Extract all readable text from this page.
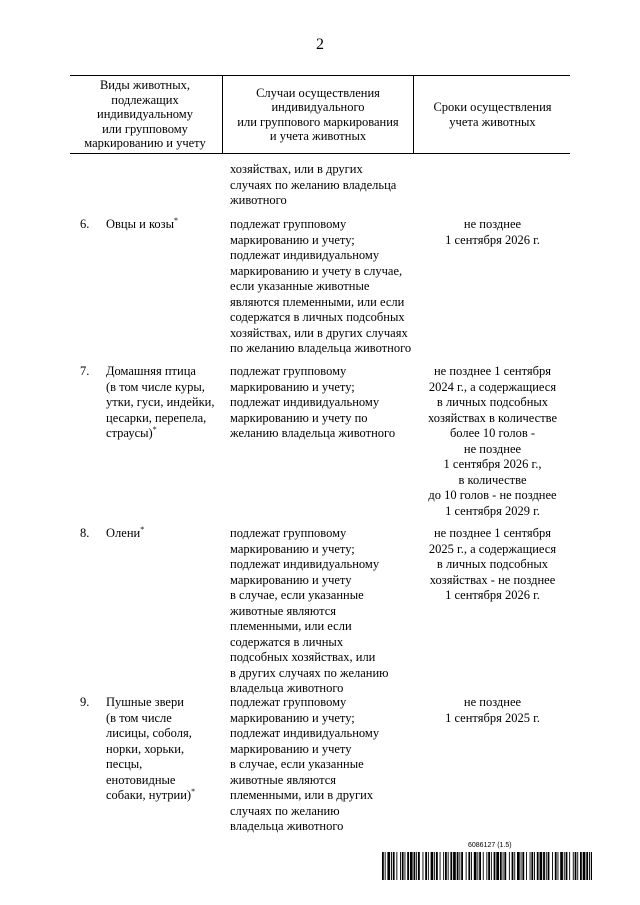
2
Виды животных,
подлежащих
индивидуальному
или групповому
маркированию и учету
Случаи осуществления
индивидуального
или группового маркирования
и учета животных
Сроки осуществления
учета животных
хозяйствах, или в других
случаях по желанию владельца
животного
6. Овцы и козы*	подлежат групповому
маркированию и учету;
подлежат индивидуальному
маркированию и учету в случае,
если указанные животные
являются племенными, или если
содержатся в личных подсобных
хозяйствах, или в других случаях
по желанию владельца животного
не позднее
1 сентября 2026 г.
7. Домашняя птица
(в том числе куры,
утки, гуси, индейки,
цесарки, перепела,
страусы)*
подлежат групповому
маркированию и учету;
подлежат индивидуальному
маркированию и учету по
желанию владельца животного
не позднее 1 сентября
2024 г., а содержащиеся
в личных подсобных
хозяйствах в количестве
более 10 голов -
не позднее
1 сентября 2026 г.,
в количестве
до 10 голов - не позднее
1 сентября 2029 г.
8. Олени*	подлежат групповому
маркированию и учету;
подлежат индивидуальному
маркированию и учету
в случае, если указанные
животные являются
племенными, или если
содержатся в личных
подсобных хозяйствах, или
в других случаях по желанию
владельца животного
не позднее 1 сентября
2025 г., а содержащиеся
в личных подсобных
хозяйствах - не позднее
1 сентября 2026 г.
9. Пушные звери
(в том числе
лисицы, соболя,
норки, хорьки,
песцы,
енотовидные
собаки, нутрии)*
подлежат групповому
маркированию и учету;
подлежат индивидуальному
маркированию и учету
в случае, если указанные
животные являются
племенными, или в других
случаях по желанию
владельца животного
не позднее
1 сентября 2025 г.
6086127 (1.5)
